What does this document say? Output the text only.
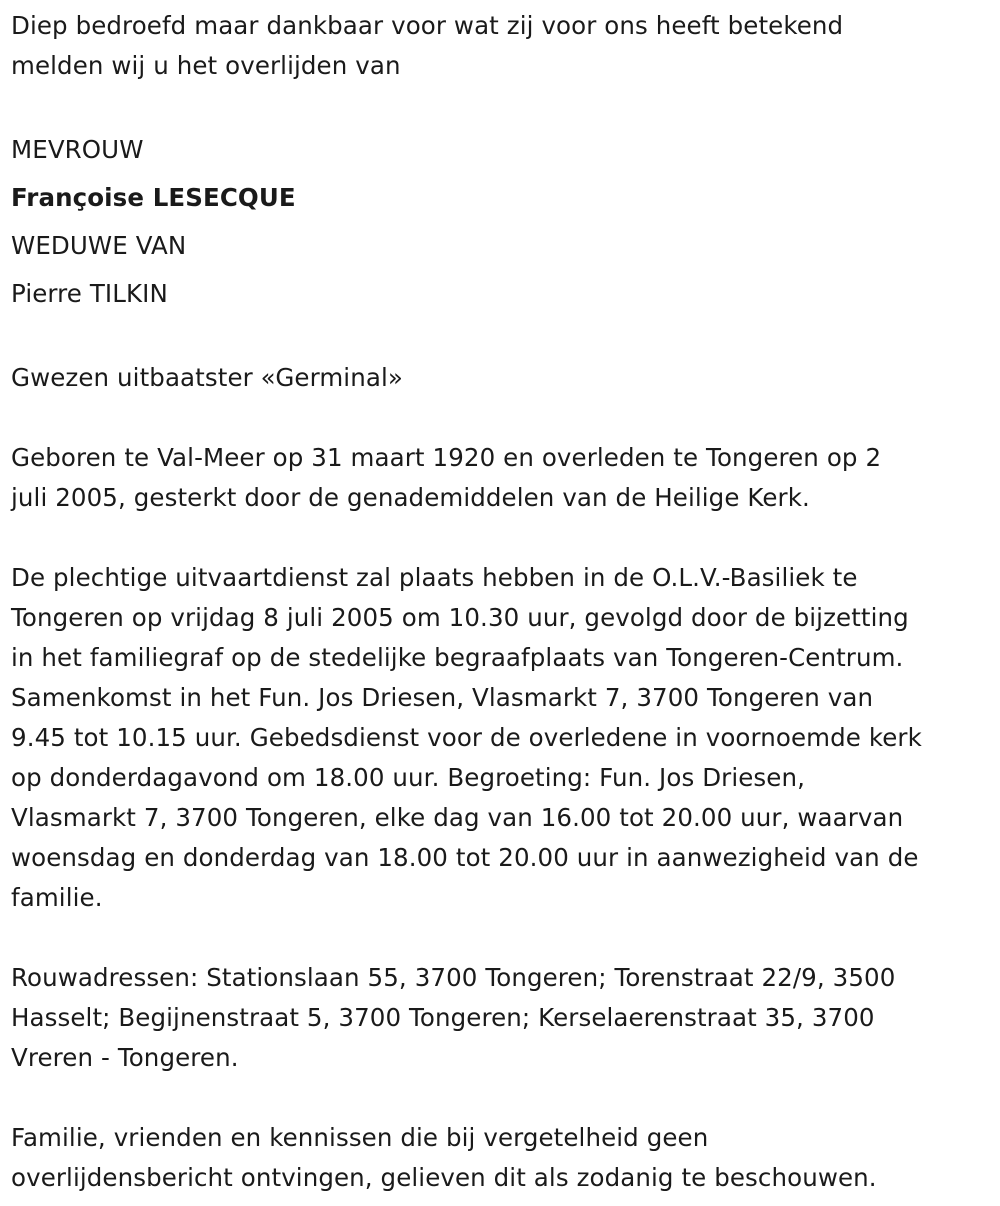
Diep bedroefd maar dankbaar voor wat zij voor ons heeft betekend
melden wij u het overlijden van
MEVROUW
Françoise LESECQUE
WEDUWE VAN
Pierre TILKIN
Gwezen uitbaatster «Germinal»
Geboren te Val-Meer op 31 maart 1920 en overleden te Tongeren op 2
juli 2005, gesterkt door de genademiddelen van de Heilige Kerk.
De plechtige uitvaartdienst zal plaats hebben in de O.L.V.-Basiliek te
Tongeren op vrijdag 8 juli 2005 om 10.30 uur, gevolgd door de bijzetting
in het familiegraf op de stedelijke begraafplaats van Tongeren-Centrum.
Samenkomst in het Fun. Jos Driesen, Vlasmarkt 7, 3700 Tongeren van
9.45 tot 10.15 uur. Gebedsdienst voor de overledene in voornoemde kerk
op donderdagavond om 18.00 uur. Begroeting: Fun. Jos Driesen,
Vlasmarkt 7, 3700 Tongeren, elke dag van 16.00 tot 20.00 uur, waarvan
woensdag en donderdag van 18.00 tot 20.00 uur in aanwezigheid van de
familie.
Rouwadressen: Stationslaan 55, 3700 Tongeren; Torenstraat 22/9, 3500
Hasselt; Begijnenstraat 5, 3700 Tongeren; Kerselaerenstraat 35, 3700
Vreren - Tongeren.
Familie, vrienden en kennissen die bij vergetelheid geen
overlijdensbericht ontvingen, gelieven dit als zodanig te beschouwen.
